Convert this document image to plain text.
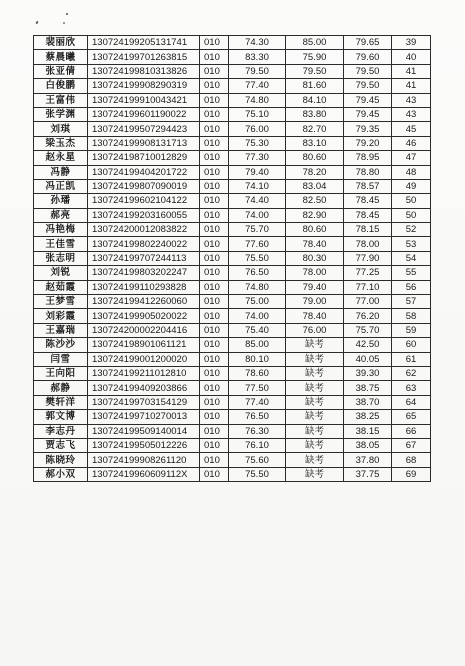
裴丽欣	130724199205131741	010	74.30	85.00	79.65	39
蔡晨曦	130724199701263815	010	83.30	75.90	79.60	40
张亚倩	130724199810313826	010	79.50	79.50	79.50	41
白俊鹏	130724199908290319	010	77.40	81.60	79.50	41
王富伟	130724199910043421	010	74.80	84.10	79.45	43
张学渊	130724199601190022	010	75.10	83.80	79.45	43
刘琪	130724199507294423	010	76.00	82.70	79.35	45
梁玉杰	130724199908131713	010	75.30	83.10	79.20	46
赵永星	130724198710012829	010	77.30	80.60	78.95	47
冯静	130724199404201722	010	79.40	78.20	78.80	48
冯正凯	130724199807090019	010	74.10	83.04	78.57	49
孙璠	130724199602104122	010	74.40	82.50	78.45	50
郝亮	130724199203160055	010	74.00	82.90	78.45	50
冯艳梅	130724200012083822	010	75.70	80.60	78.15	52
王佳雪	130724199802240022	010	77.60	78.40	78.00	53
张志明	130724199707244113	010	75.50	80.30	77.90	54
刘锐	130724199803202247	010	76.50	78.00	77.25	55
赵茹霞	130724199110293828	010	74.80	79.40	77.10	56
王梦雪	130724199412260060	010	75.00	79.00	77.00	57
刘彩霞	130724199905020022	010	74.00	78.40	76.20	58
王嘉瑞	130724200002204416	010	75.40	76.00	75.70	59
陈沙沙	130724198901061121	010	85.00	缺考	42.50	60
闫雪	130724199001200020	010	80.10	缺考	40.05	61
王向阳	130724199211012810	010	78.60	缺考	39.30	62
郝静	130724199409203866	010	77.50	缺考	38.75	63
樊轩洋	130724199703154129	010	77.40	缺考	38.70	64
郭文博	130724199710270013	010	76.50	缺考	38.25	65
李志丹	130724199509140014	010	76.30	缺考	38.15	66
贾志飞	130724199505012226	010	76.10	缺考	38.05	67
陈晓玲	130724199908261120	010	75.60	缺考	37.80	68
郝小双	13072419960609112X	010	75.50	缺考	37.75	69
